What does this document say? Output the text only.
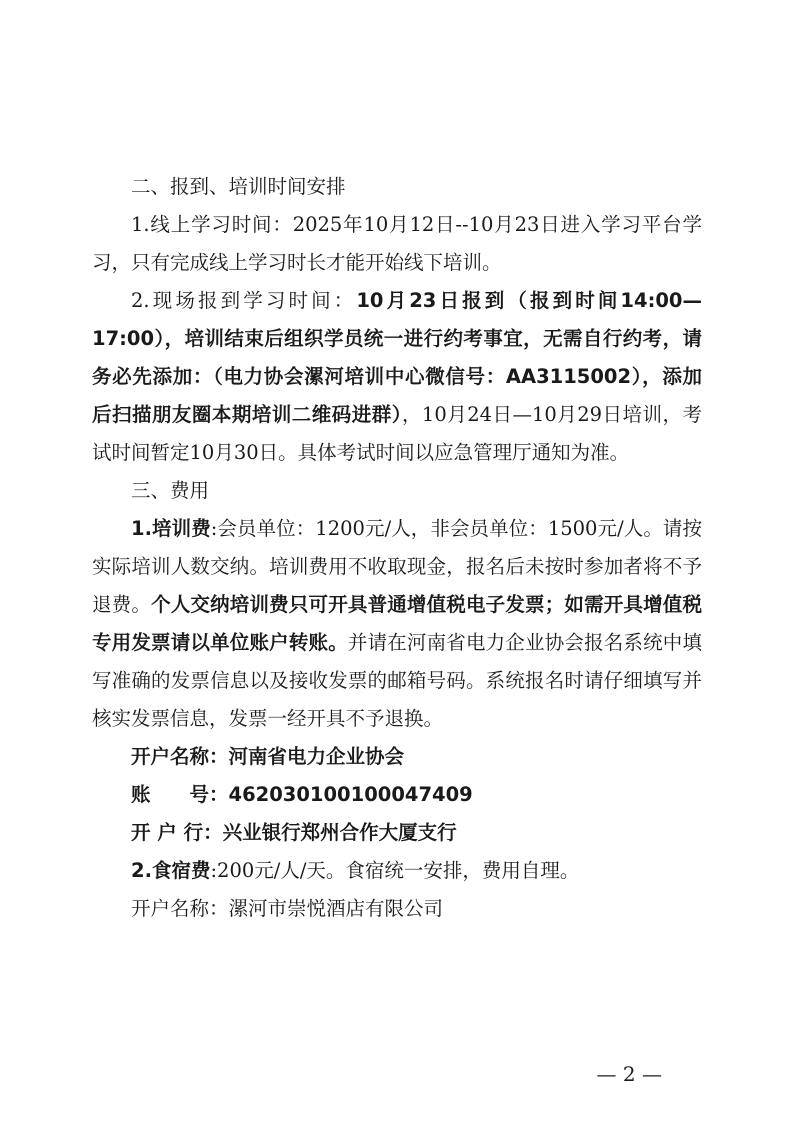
二、报到、培训时间安排

1.线上学习时间：2025年10月12日--10月23日进入学习平台学习，只有完成线上学习时长才能开始线下培训。

2.现场报到学习时间：10月23日报到（报到时间14:00—17:00），培训结束后组织学员统一进行约考事宜，无需自行约考，请务必先添加：（电力协会漯河培训中心微信号：AA3115002），添加后扫描朋友圈本期培训二维码进群），10月24日—10月29日培训，考试时间暂定10月30日。具体考试时间以应急管理厅通知为准。

三、费用

1.培训费:会员单位：1200元/人，非会员单位：1500元/人。请按实际培训人数交纳。培训费用不收取现金，报名后未按时参加者将不予退费。个人交纳培训费只可开具普通增值税电子发票；如需开具增值税专用发票请以单位账户转账。并请在河南省电力企业协会报名系统中填写准确的发票信息以及接收发票的邮箱号码。系统报名时请仔细填写并核实发票信息，发票一经开具不予退换。

开户名称：河南省电力企业协会

账　　号：462030100100047409

开 户 行：兴业银行郑州合作大厦支行

2.食宿费:200元/人/天。食宿统一安排，费用自理。

开户名称：漯河市崇悦酒店有限公司

— 2 —
